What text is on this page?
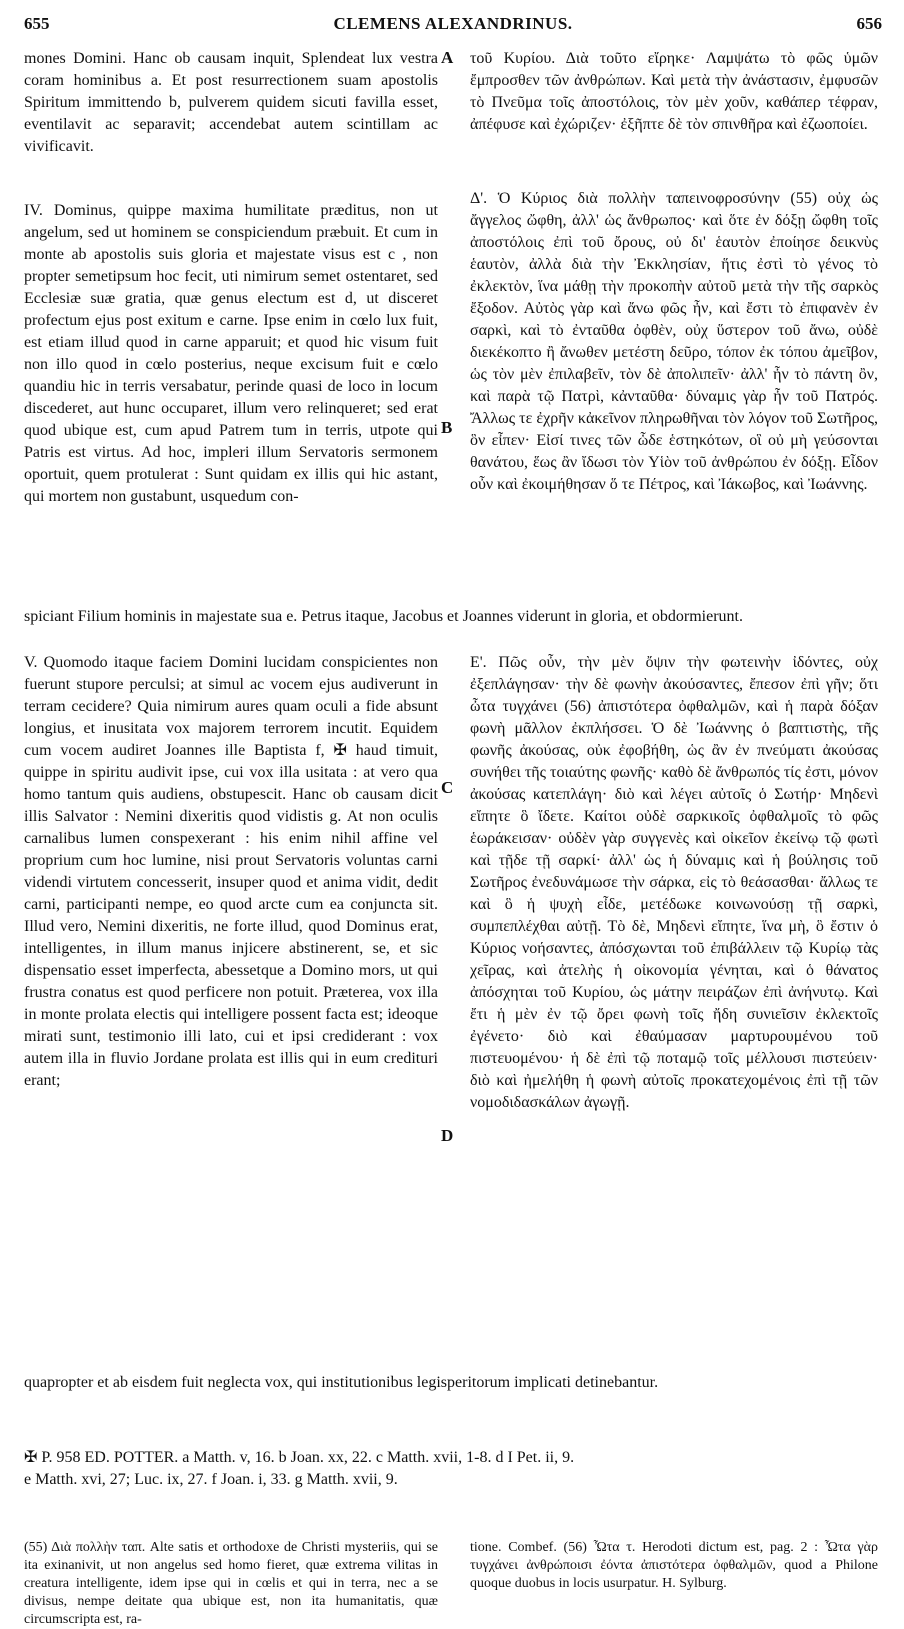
655	CLEMENS ALEXANDRINUS.	656

mones Domini. Hanc ob causam inquit, Splendeat lux vestra coram hominibus a. Et post resurrectionem suam apostolis Spiritum immittendo b, pulverem quidem sicuti favilla esset, eventilavit ac separavit; accendebat autem scintillam ac vivificavit.

τοῦ Κυρίου. Διὰ τοῦτο εἴρηκε· Λαμψάτω τὸ φῶς ὑμῶν ἔμπροσθεν τῶν ἀνθρώπων. Καὶ μετὰ τὴν ἀνάστασιν, ἐμφυσῶν τὸ Πνεῦμα τοῖς ἀποστόλοις, τὸν μὲν χοῦν, καθάπερ τέφραν, ἀπέφυσε καὶ ἐχώριζεν· ἐξῆπτε δὲ τὸν σπινθῆρα καὶ ἐζωοποίει.

IV. Dominus, quippe maxima humilitate præditus, non ut angelum, sed ut hominem se conspiciendum præbuit. Et cum in monte ab apostolis suis gloria et majestate visus est c , non propter semetipsum hoc fecit, uti nimirum semet ostentaret, sed Ecclesiæ suæ gratia, quæ genus electum est d, ut disceret profectum ejus post exitum e carne. Ipse enim in cœlo lux fuit, est etiam illud quod in carne apparuit; et quod hic visum fuit non illo quod in cœlo posterius, neque excisum fuit e cœlo quandiu hic in terris versabatur, perinde quasi de loco in locum discederet, aut hunc occuparet, illum vero relinqueret; sed erat quod ubique est, cum apud Patrem tum in terris, utpote qui Patris est virtus. Ad hoc, impleri illum Servatoris sermonem oportuit, quem protulerat : Sunt quidam ex illis qui hic astant, qui mortem non gustabunt, usquedum con-

Δ'. Ὁ Κύριος διὰ πολλὴν ταπεινοφροσύνην (55) οὐχ ὡς ἄγγελος ὤφθη, ἀλλ' ὡς ἄνθρωπος· καὶ ὅτε ἐν δόξῃ ὤφθη τοῖς ἀποστόλοις ἐπὶ τοῦ ὄρους, οὐ δι' ἑαυτὸν ἐποίησε δεικνὺς ἑαυτὸν, ἀλλὰ διὰ τὴν Ἐκκλησίαν, ἥτις ἐστὶ τὸ γένος τὸ ἐκλεκτὸν, ἵνα μάθῃ τὴν προκοπὴν αὐτοῦ μετὰ τὴν τῆς σαρκὸς ἔξοδον. Αὐτὸς γὰρ καὶ ἄνω φῶς ἦν, καὶ ἔστι τὸ ἐπιφανὲν ἐν σαρκὶ, καὶ τὸ ἐνταῦθα ὀφθὲν, οὐχ ὕστερον τοῦ ἄνω, οὐδὲ διεκέκοπτο ἢ ἄνωθεν μετέστη δεῦρο, τόπον ἐκ τόπου ἀμεῖβον, ὡς τὸν μὲν ἐπιλαβεῖν, τὸν δὲ ἀπολιπεῖν· ἀλλ' ἦν τὸ πάντη ὂν, καὶ παρὰ τῷ Πατρὶ, κἀνταῦθα· δύναμις γὰρ ἦν τοῦ Πατρός. Ἄλλως τε ἐχρῆν κἀκεῖνον πληρωθῆναι τὸν λόγον τοῦ Σωτῆρος, ὃν εἶπεν· Εἰσί τινες τῶν ὧδε ἑστηκότων, οἳ οὐ μὴ γεύσονται θανάτου, ἕως ἂν ἴδωσι τὸν Υἱὸν τοῦ ἀνθρώπου ἐν δόξῃ. Εἶδον οὖν καὶ ἐκοιμήθησαν ὅ τε Πέτρος, καὶ Ἰάκωβος, καὶ Ἰωάννης.

spiciant Filium hominis in majestate sua e. Petrus itaque, Jacobus et Joannes viderunt in gloria, et obdormierunt.

V. Quomodo itaque faciem Domini lucidam conspicientes non fuerunt stupore perculsi; at simul ac vocem ejus audiverunt in terram cecidere? Quia nimirum aures quam oculi a fide absunt longius, et inusitata vox majorem terrorem incutit. Equidem cum vocem audiret Joannes ille Baptista f, ✠ haud timuit, quippe in spiritu audivit ipse, cui vox illa usitata : at vero qua homo tantum quis audiens, obstupescit. Hanc ob causam dicit illis Salvator : Nemini dixeritis quod vidistis g. At non oculis carnalibus lumen conspexerant : his enim nihil affine vel proprium cum hoc lumine, nisi prout Servatoris voluntas carni videndi virtutem concesserit, insuper quod et anima vidit, dedit carni, participanti nempe, eo quod arcte cum ea conjuncta sit. Illud vero, Nemini dixeritis, ne forte illud, quod Dominus erat, intelligentes, in illum manus injicere abstinerent, se, et sic dispensatio esset imperfecta, abessetque a Domino mors, ut qui frustra conatus est quod perficere non potuit. Præterea, vox illa in monte prolata electis qui intelligere possent facta est; ideoque mirati sunt, testimonio illi lato, cui et ipsi crediderant : vox autem illa in fluvio Jordane prolata est illis qui in eum crediturі erant;

Ε'. Πῶς οὖν, τὴν μὲν ὄψιν τὴν φωτεινὴν ἰδόντες, οὐχ ἐξεπλάγησαν· τὴν δὲ φωνὴν ἀκούσαντες, ἔπεσον ἐπὶ γῆν; ὅτι ὦτα τυγχάνει (56) ἀπιστότερα ὀφθαλμῶν, καὶ ἡ παρὰ δόξαν φωνὴ μᾶλλον ἐκπλήσσει. Ὁ δὲ Ἰωάννης ὁ βαπτιστὴς, τῆς φωνῆς ἀκούσας, οὐκ ἐφοβήθη, ὡς ἂν ἐν πνεύματι ἀκούσας συνήθει τῆς τοιαύτης φωνῆς· καθὸ δὲ ἄνθρωπός τίς ἐστι, μόνον ἀκούσας κατεπλάγη· διὸ καὶ λέγει αὐτοῖς ὁ Σωτήρ· Μηδενὶ εἴπητε ὃ ἴδετε. Καίτοι οὐδὲ σαρκικοῖς ὀφθαλμοῖς τὸ φῶς ἑωράκεισαν· οὐδὲν γὰρ συγγενὲς καὶ οἰκεῖον ἐκείνῳ τῷ φωτὶ καὶ τῇδε τῇ σαρκί· ἀλλ' ὡς ἡ δύναμις καὶ ἡ βούλησις τοῦ Σωτῆρος ἐνεδυνάμωσε τὴν σάρκα, εἰς τὸ θεάσασθαι· ἄλλως τε καὶ ὃ ἡ ψυχὴ εἶδε, μετέδωκε κοινωνούσῃ τῇ σαρκὶ, συμπεπλέχθαι αὐτῇ. Τὸ δὲ, Μηδενὶ εἴπητε, ἵνα μὴ, ὃ ἔστιν ὁ Κύριος νοήσαντες, ἀπόσχωνται τοῦ ἐπιβάλλειν τῷ Κυρίῳ τὰς χεῖρας, καὶ ἀτελὴς ἡ οἰκονομία γένηται, καὶ ὁ θάνατος ἀπόσχηται τοῦ Κυρίου, ὡς μάτην πειράζων ἐπὶ ἀνήνυτῳ. Καὶ ἔτι ἡ μὲν ἐν τῷ ὄρει φωνὴ τοῖς ἤδη συνιεῖσιν ἐκλεκτοῖς ἐγένετο· διὸ καὶ ἐθαύμασαν μαρτυρουμένου τοῦ πιστευομένου· ἡ δὲ ἐπὶ τῷ ποταμῷ τοῖς μέλλουσι πιστεύειν· διὸ καὶ ἠμελήθη ἡ φωνὴ αὐτοῖς προκατεχομένοις ἐπὶ τῇ τῶν νομοδιδασκάλων ἀγωγῇ.

quapropter et ab eisdem fuit neglecta vox, qui institutionibus legisperitorum implicati detinebantur.
A
B
C
D
✠ P. 958 ED. POTTER. a Matth. v, 16. b Joan. xx, 22. c Matth. xvii, 1-8. d I Pet. ii, 9.
e Matth. xvi, 27; Luc. ix, 27. f Joan. i, 33. g Matth. xvii, 9.
(55) Διὰ πολλὴν ταπ. Alte satis et orthodoxe de Christi mysteriis, qui se ita exinanivit, ut non angelus sed homo fieret, quæ extrema vilitas in creatura intelligente, idem ipse qui in cœlis et qui in terra, nec a se divisus, nempe deitate qua ubique est, non ita humanitatis, quæ circumscripta est, ra-
tione. Combef. (56) Ὦτα τ. Herodoti dictum est, pag. 2 : Ὦτα γὰρ τυγχάνει ἀνθρώποισι ἐόντα ἀπιστότερα ὀφθαλμῶν, quod a Philone quoque duobus in locis usurpatur. H. Sylburg.
